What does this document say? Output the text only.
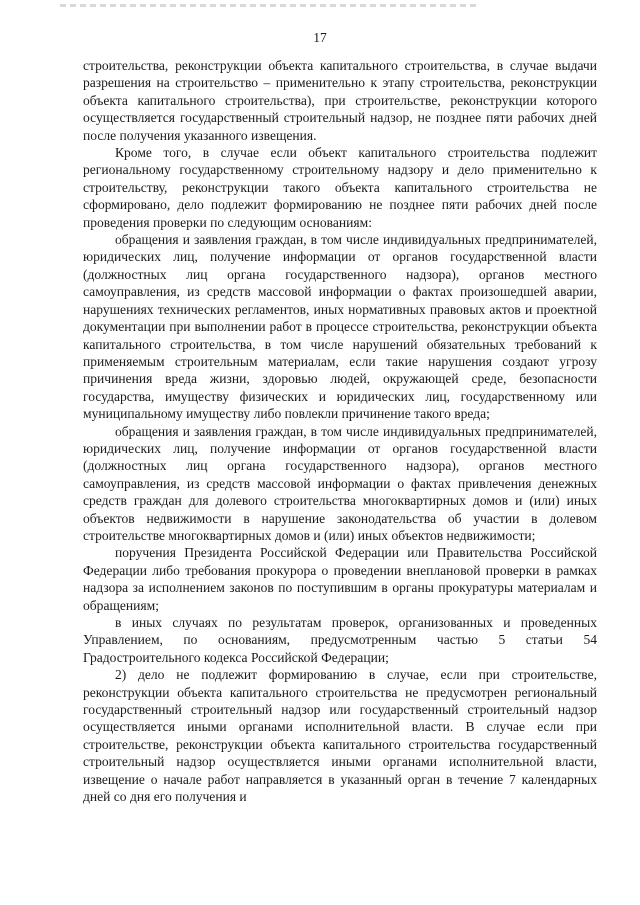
17

строительства, реконструкции объекта капитального строительства, в случае выдачи разрешения на строительство – применительно к этапу строительства, реконструкции объекта капитального строительства), при строительстве, реконструкции которого осуществляется государственный строительный надзор, не позднее пяти рабочих дней после получения указанного извещения.

Кроме того, в случае если объект капитального строительства подлежит региональному государственному строительному надзору и дело применительно к строительству, реконструкции такого объекта капитального строительства не сформировано, дело подлежит формированию не позднее пяти рабочих дней после проведения проверки по следующим основаниям:

обращения и заявления граждан, в том числе индивидуальных предпринимателей, юридических лиц, получение информации от органов государственной власти (должностных лиц органа государственного надзора), органов местного самоуправления, из средств массовой информации о фактах произошедшей аварии, нарушениях технических регламентов, иных нормативных правовых актов и проектной документации при выполнении работ в процессе строительства, реконструкции объекта капитального строительства, в том числе нарушений обязательных требований к применяемым строительным материалам, если такие нарушения создают угрозу причинения вреда жизни, здоровью людей, окружающей среде, безопасности государства, имуществу физических и юридических лиц, государственному или муниципальному имуществу либо повлекли причинение такого вреда;

обращения и заявления граждан, в том числе индивидуальных предпринимателей, юридических лиц, получение информации от органов государственной власти (должностных лиц органа государственного надзора), органов местного самоуправления, из средств массовой информации о фактах привлечения денежных средств граждан для долевого строительства многоквартирных домов и (или) иных объектов недвижимости в нарушение законодательства об участии в долевом строительстве многоквартирных домов и (или) иных объектов недвижимости;

поручения Президента Российской Федерации или Правительства Российской Федерации либо требования прокурора о проведении внеплановой проверки в рамках надзора за исполнением законов по поступившим в органы прокуратуры материалам и обращениям;

в иных случаях по результатам проверок, организованных и проведенных Управлением, по основаниям, предусмотренным частью 5 статьи 54 Градостроительного кодекса Российской Федерации;

2) дело не подлежит формированию в случае, если при строительстве, реконструкции объекта капитального строительства не предусмотрен региональный государственный строительный надзор или государственный строительный надзор осуществляется иными органами исполнительной власти. В случае если при строительстве, реконструкции объекта капитального строительства государственный строительный надзор осуществляется иными органами исполнительной власти, извещение о начале работ направляется в указанный орган в течение 7 календарных дней со дня его получения и
